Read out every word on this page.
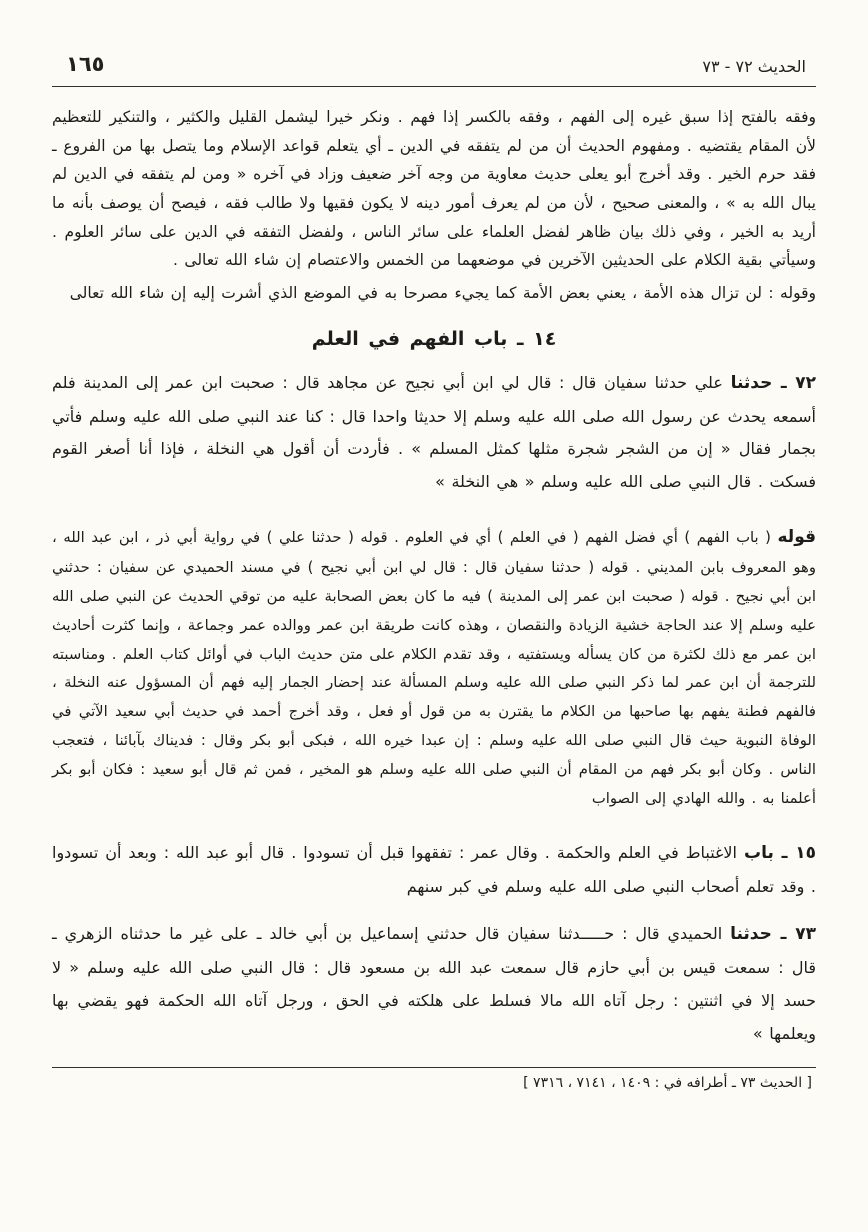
الحديث ٧٢ - ٧٣
١٦٥

وفقه بالفتح إذا سبق غيره إلى الفهم ، وفقه بالكسر إذا فهم . ونكر خيرا ليشمل القليل والكثير ، والتنكير للتعظيم لأن المقام يقتضيه . ومفهوم الحديث أن من لم يتفقه في الدين ـ أي يتعلم قواعد الإسلام وما يتصل بها من الفروع ـ فقد حرم الخير . وقد أخرج أبو يعلى حديث معاوية من وجه آخر ضعيف وزاد في آخره « ومن لم يتفقه في الدين لم يبال الله به » ، والمعنى صحيح ، لأن من لم يعرف أمور دينه لا يكون فقيها ولا طالب فقه ، فيصح أن يوصف بأنه ما أريد به الخير ، وفي ذلك بيان ظاهر لفضل العلماء على سائر الناس ، ولفضل التفقه في الدين على سائر العلوم . وسيأتي بقية الكلام على الحديثين الآخرين في موضعهما من الخمس والاعتصام إن شاء الله تعالى .

وقوله : لن تزال هذه الأمة ، يعني بعض الأمة كما يجيء مصرحا به في الموضع الذي أشرت إليه إن شاء الله تعالى

١٤ ـ باب الفهم في العلم

٧٢ ـ حدثنا علي حدثنا سفيان قال : قال لي ابن أبي نجيح عن مجاهد قال : صحبت ابن عمر إلى المدينة فلم أسمعه يحدث عن رسول الله صلى الله عليه وسلم إلا حديثا واحدا قال : كنا عند النبي صلى الله عليه وسلم فأتي بجمار فقال « إن من الشجر شجرة مثلها كمثل المسلم » . فأردت أن أقول هي النخلة ، فإذا أنا أصغر القوم فسكت . قال النبي صلى الله عليه وسلم « هي النخلة »

قوله ( باب الفهم ) أي فضل الفهم ( في العلم ) أي في العلوم . قوله ( حدثنا علي ) في رواية أبي ذر ، ابن عبد الله ، وهو المعروف بابن المديني . قوله ( حدثنا سفيان قال : قال لي ابن أبي نجيح ) في مسند الحميدي عن سفيان : حدثني ابن أبي نجيح . قوله ( صحبت ابن عمر إلى المدينة ) فيه ما كان بعض الصحابة عليه من توقي الحديث عن النبي صلى الله عليه وسلم إلا عند الحاجة خشية الزيادة والنقصان ، وهذه كانت طريقة ابن عمر ووالده عمر وجماعة ، وإنما كثرت أحاديث ابن عمر مع ذلك لكثرة من كان يسأله ويستفتيه ، وقد تقدم الكلام على متن حديث الباب في أوائل كتاب العلم . ومناسبته للترجمة أن ابن عمر لما ذكر النبي صلى الله عليه وسلم المسألة عند إحضار الجمار إليه فهم أن المسؤول عنه النخلة ، فالفهم فطنة يفهم بها صاحبها من الكلام ما يقترن به من قول أو فعل ، وقد أخرج أحمد في حديث أبي سعيد الآتي في الوفاة النبوية حيث قال النبي صلى الله عليه وسلم : إن عبدا خيره الله ، فبكى أبو بكر وقال : فديناك بآبائنا ، فتعجب الناس . وكان أبو بكر فهم من المقام أن النبي صلى الله عليه وسلم هو المخير ، فمن ثم قال أبو سعيد : فكان أبو بكر أعلمنا به . والله الهادي إلى الصواب

١٥ ـ باب الاغتباط في العلم والحكمة . وقال عمر : تفقهوا قبل أن تسودوا . قال أبو عبد الله : وبعد أن تسودوا . وقد تعلم أصحاب النبي صلى الله عليه وسلم في كبر سنهم

٧٣ ـ حدثنا الحميدي قال : حـــــدثنا سفيان قال حدثني إسماعيل بن أبي خالد ـ على غير ما حدثناه الزهري ـ قال : سمعت قيس بن أبي حازم قال سمعت عبد الله بن مسعود قال : قال النبي صلى الله عليه وسلم « لا حسد إلا في اثنتين : رجل آتاه الله مالا فسلط على هلكته في الحق ، ورجل آتاه الله الحكمة فهو يقضي بها ويعلمها »

[ الحديث ٧٣ ـ أطرافه في : ١٤٠٩ ، ٧١٤١ ، ٧٣١٦ ]
